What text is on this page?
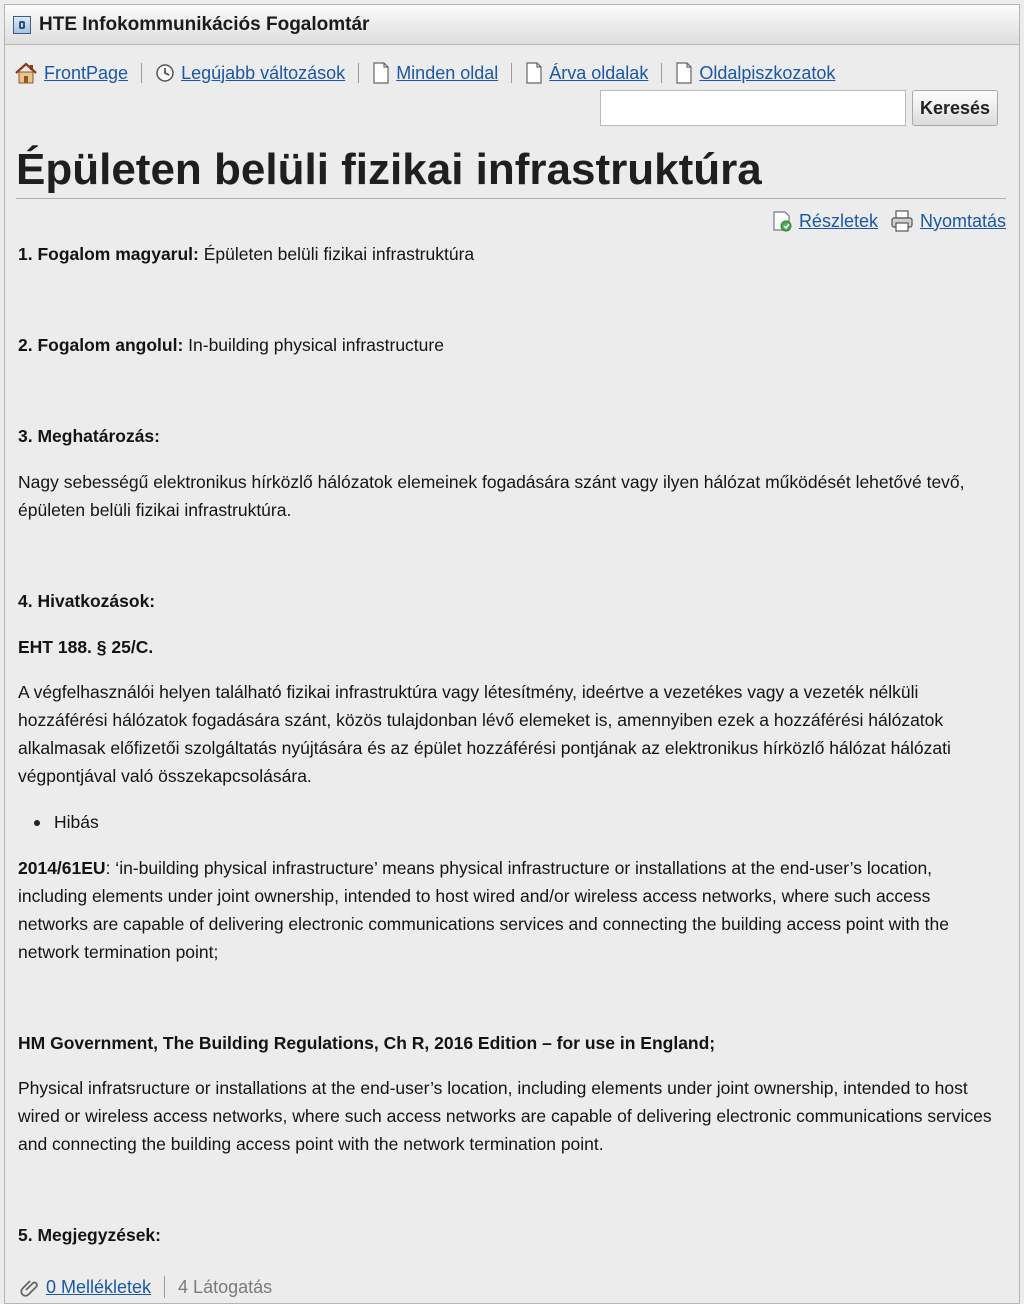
HTE Infokommunikációs Fogalomtár
FrontPage	Legújabb változások	Minden oldal	Árva oldalak	Oldalpiszkozatok
Keresés
Épületen belüli fizikai infrastruktúra
Részletek Nyomtatás

1. Fogalom magyarul: Épületen belüli fizikai infrastruktúra

2. Fogalom angolul: In-building physical infrastructure

3. Meghatározás:

Nagy sebességű elektronikus hírközlő hálózatok elemeinek fogadására szánt vagy ilyen hálózat működését lehetővé tevő, épületen belüli fizikai infrastruktúra.

4. Hivatkozások:

EHT 188. § 25/C.

A végfelhasználói helyen található fizikai infrastruktúra vagy létesítmény, ideértve a vezetékes vagy a vezeték nélküli hozzáférési hálózatok fogadására szánt, közös tulajdonban lévő elemeket is, amennyiben ezek a hozzáférési hálózatok alkalmasak előfizetői szolgáltatás nyújtására és az épület hozzáférési pontjának az elektronikus hírközlő hálózat hálózati végpontjával való összekapcsolására.

Hibás

2014/61EU: ‘in-building physical infrastructure’ means physical infrastructure or installations at the end-user’s location, including elements under joint ownership, intended to host wired and/or wireless access networks, where such access networks are capable of delivering electronic communications services and connecting the building access point with the network termination point;

HM Government, The Building Regulations, Ch R, 2016 Edition – for use in England;

Physical infratsructure or installations at the end-user’s location, including elements under joint ownership, intended to host wired or wireless access networks, where such access networks are capable of delivering electronic communications services and connecting the building access point with the network termination point.

5. Megjegyzések:

0 Mellékletek 4 Látogatás
